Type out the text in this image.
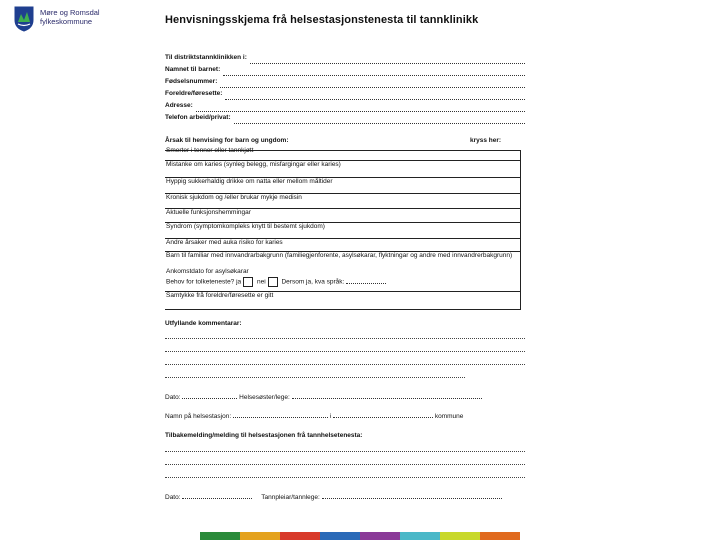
Møre og Romsdal
fylkeskommune	Henvisningsskjema frå helsestasjonstenesta til tannklinikk
Til distriktstannklinikken i:
Namnet til barnet:
Fødselsnummer:
Foreldre/føresette:
Adresse:
Telefon arbeid/privat:
Årsak til henvising for barn og ungdom:	kryss her:
Smerter i tenner eller tannkjøtt
Mistanke om karies (synleg belegg, misfargingar eller karies)
Hyppig sukkerhaldig drikke om natta eller mellom måltider
Kronisk sjukdom og /eller brukar mykje medisin
Aktuelle funksjonshemmingar
Syndrom (symptomkompleks knytt til bestemt sjukdom)
Andre årsaker med auka risiko for karies
Barn til familiar med innvandrarbakgrunn (familiegjenforente, asylsøkarar, flyktningar og andre med innvandrerbakgrunn)
Ankomstdato for asylsøkarar
Behov for tolketeneste? ja nei Dersom ja, kva språk:
Samtykke frå foreldre/føresette er gitt
Utfyllande kommentarar:
Dato:	Helsesøster/lege:
Namn på helsestasjon:	i	kommune
Tilbakemelding/melding til helsestasjonen frå tannhelsetenesta:
Dato:	Tannpleiar/tannlege:
